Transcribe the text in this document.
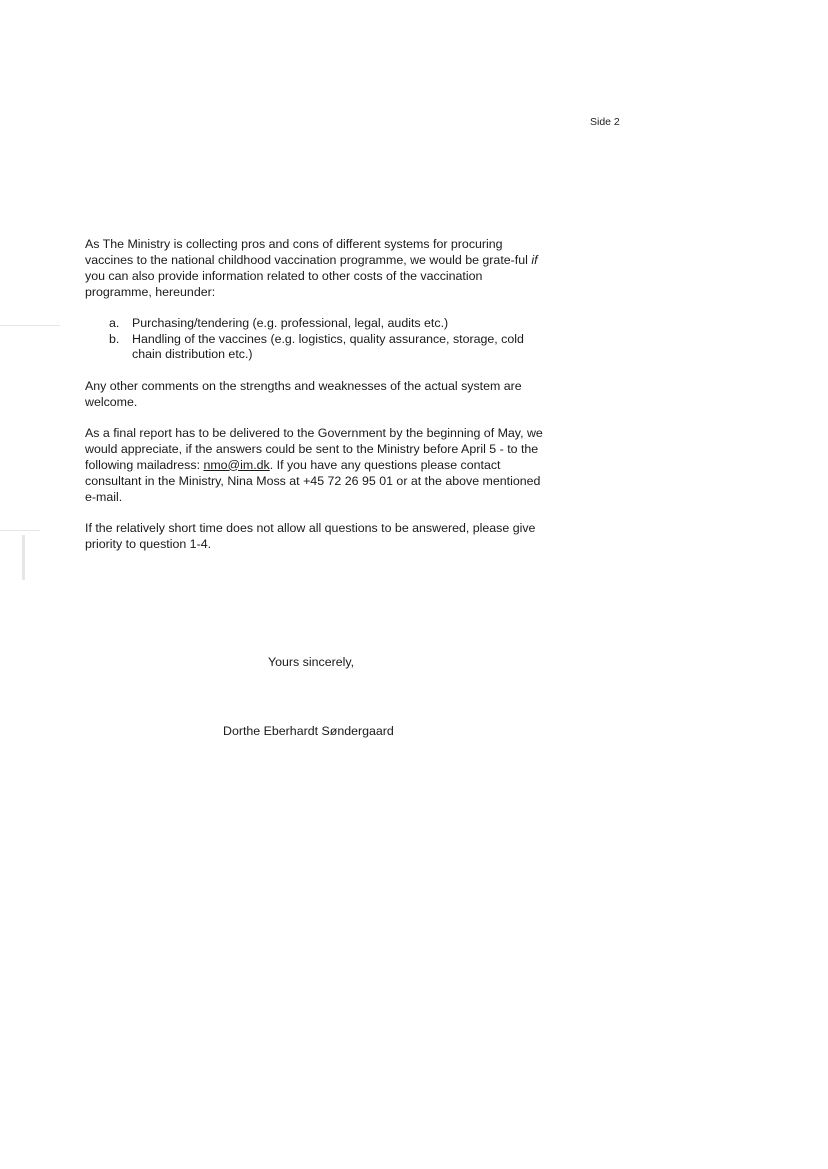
Side 2

As The Ministry is collecting pros and cons of different systems for procuring vaccines to the national childhood vaccination programme, we would be grate-ful if you can also provide information related to other costs of the vaccination programme, hereunder:

a. Purchasing/tendering (e.g. professional, legal, audits etc.)
b. Handling of the vaccines (e.g. logistics, quality assurance, storage, cold chain distribution etc.)

Any other comments on the strengths and weaknesses of the actual system are welcome.

As a final report has to be delivered to the Government by the beginning of May, we would appreciate, if the answers could be sent to the Ministry before April 5 - to the following mailadress: nmo@im.dk. If you have any questions please contact consultant in the Ministry, Nina Moss at +45 72 26 95 01 or at the above mentioned e-mail.

If the relatively short time does not allow all questions to be answered, please give priority to question 1-4.

Yours sincerely,
Dorthe Eberhardt Søndergaard
